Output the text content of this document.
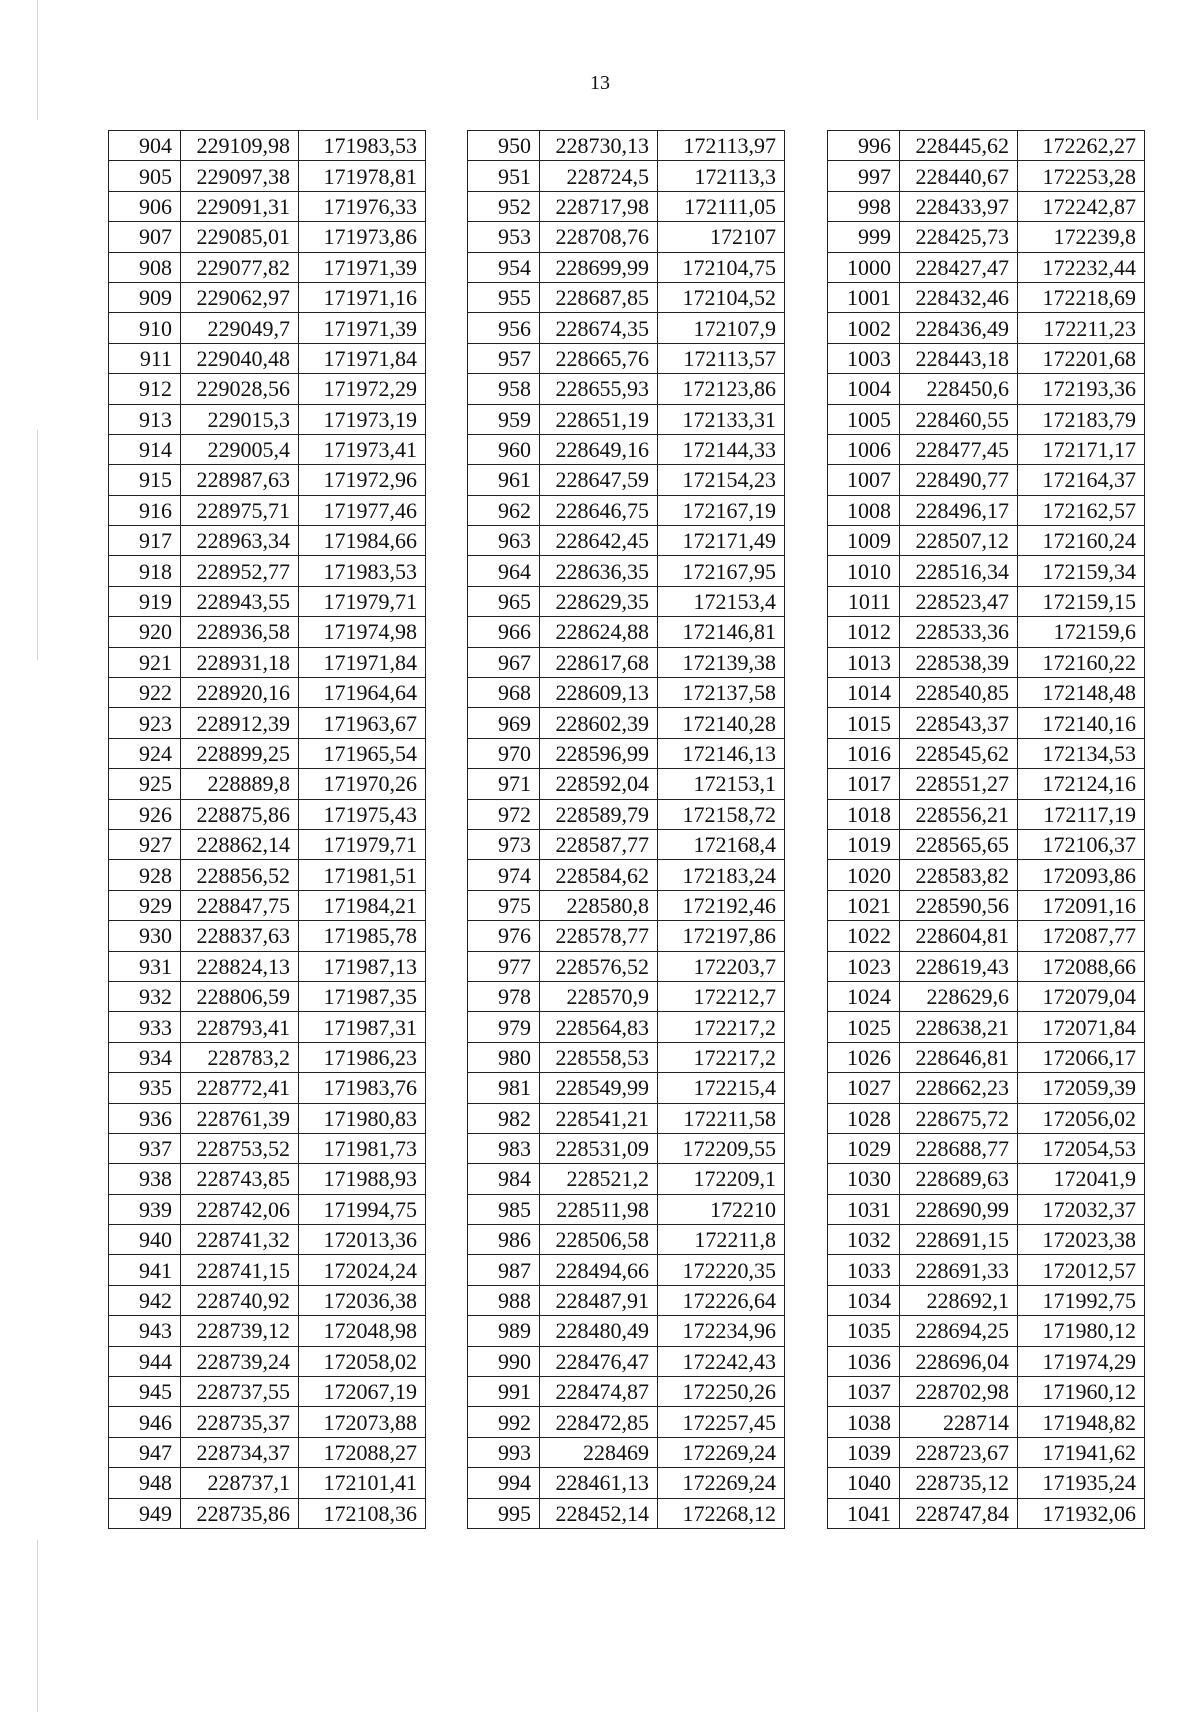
13
904	229109,98	171983,53
905	229097,38	171978,81
906	229091,31	171976,33
907	229085,01	171973,86
908	229077,82	171971,39
909	229062,97	171971,16
910	229049,7	171971,39
911	229040,48	171971,84
912	229028,56	171972,29
913	229015,3	171973,19
914	229005,4	171973,41
915	228987,63	171972,96
916	228975,71	171977,46
917	228963,34	171984,66
918	228952,77	171983,53
919	228943,55	171979,71
920	228936,58	171974,98
921	228931,18	171971,84
922	228920,16	171964,64
923	228912,39	171963,67
924	228899,25	171965,54
925	228889,8	171970,26
926	228875,86	171975,43
927	228862,14	171979,71
928	228856,52	171981,51
929	228847,75	171984,21
930	228837,63	171985,78
931	228824,13	171987,13
932	228806,59	171987,35
933	228793,41	171987,31
934	228783,2	171986,23
935	228772,41	171983,76
936	228761,39	171980,83
937	228753,52	171981,73
938	228743,85	171988,93
939	228742,06	171994,75
940	228741,32	172013,36
941	228741,15	172024,24
942	228740,92	172036,38
943	228739,12	172048,98
944	228739,24	172058,02
945	228737,55	172067,19
946	228735,37	172073,88
947	228734,37	172088,27
948	228737,1	172101,41
949	228735,86	172108,36
950	228730,13	172113,97
951	228724,5	172113,3
952	228717,98	172111,05
953	228708,76	172107
954	228699,99	172104,75
955	228687,85	172104,52
956	228674,35	172107,9
957	228665,76	172113,57
958	228655,93	172123,86
959	228651,19	172133,31
960	228649,16	172144,33
961	228647,59	172154,23
962	228646,75	172167,19
963	228642,45	172171,49
964	228636,35	172167,95
965	228629,35	172153,4
966	228624,88	172146,81
967	228617,68	172139,38
968	228609,13	172137,58
969	228602,39	172140,28
970	228596,99	172146,13
971	228592,04	172153,1
972	228589,79	172158,72
973	228587,77	172168,4
974	228584,62	172183,24
975	228580,8	172192,46
976	228578,77	172197,86
977	228576,52	172203,7
978	228570,9	172212,7
979	228564,83	172217,2
980	228558,53	172217,2
981	228549,99	172215,4
982	228541,21	172211,58
983	228531,09	172209,55
984	228521,2	172209,1
985	228511,98	172210
986	228506,58	172211,8
987	228494,66	172220,35
988	228487,91	172226,64
989	228480,49	172234,96
990	228476,47	172242,43
991	228474,87	172250,26
992	228472,85	172257,45
993	228469	172269,24
994	228461,13	172269,24
995	228452,14	172268,12
996	228445,62	172262,27
997	228440,67	172253,28
998	228433,97	172242,87
999	228425,73	172239,8
1000	228427,47	172232,44
1001	228432,46	172218,69
1002	228436,49	172211,23
1003	228443,18	172201,68
1004	228450,6	172193,36
1005	228460,55	172183,79
1006	228477,45	172171,17
1007	228490,77	172164,37
1008	228496,17	172162,57
1009	228507,12	172160,24
1010	228516,34	172159,34
1011	228523,47	172159,15
1012	228533,36	172159,6
1013	228538,39	172160,22
1014	228540,85	172148,48
1015	228543,37	172140,16
1016	228545,62	172134,53
1017	228551,27	172124,16
1018	228556,21	172117,19
1019	228565,65	172106,37
1020	228583,82	172093,86
1021	228590,56	172091,16
1022	228604,81	172087,77
1023	228619,43	172088,66
1024	228629,6	172079,04
1025	228638,21	172071,84
1026	228646,81	172066,17
1027	228662,23	172059,39
1028	228675,72	172056,02
1029	228688,77	172054,53
1030	228689,63	172041,9
1031	228690,99	172032,37
1032	228691,15	172023,38
1033	228691,33	172012,57
1034	228692,1	171992,75
1035	228694,25	171980,12
1036	228696,04	171974,29
1037	228702,98	171960,12
1038	228714	171948,82
1039	228723,67	171941,62
1040	228735,12	171935,24
1041	228747,84	171932,06
